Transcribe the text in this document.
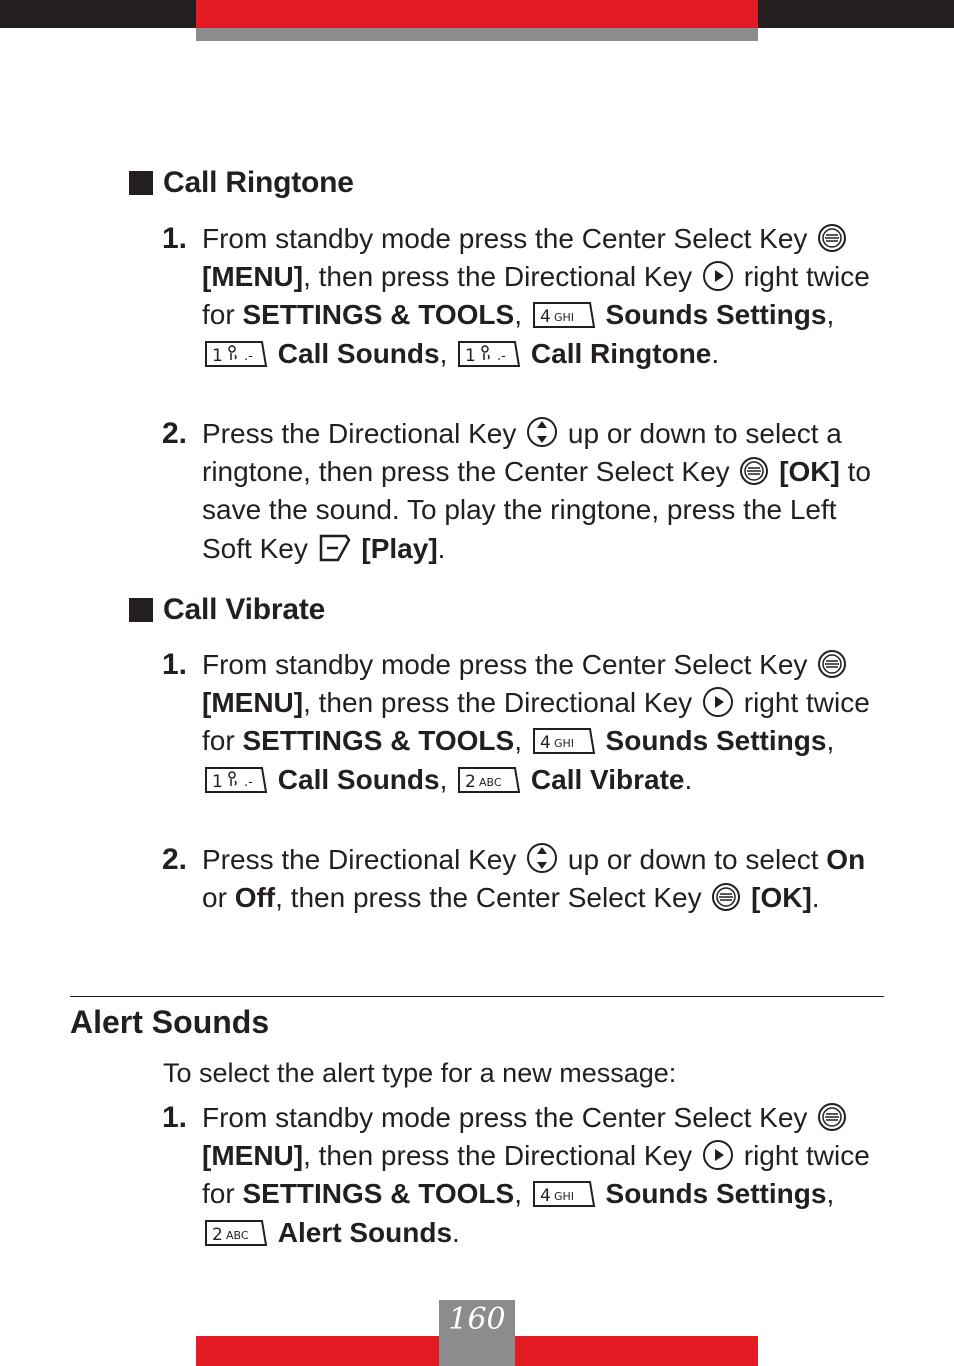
Call Ringtone
1. From standby mode press the Center Select Key
[MENU], then press the Directional Key
right twice for SETTINGS & TOOLS, 4 GHI Sounds Settings,
1 .- Call Sounds, 1 .- Call Ringtone.
2. Press the Directional Key
up or down to select a ringtone, then press the Center Select Key
[OK] to save the sound. To play the ringtone, press the Left Soft Key
[Play].
Call Vibrate
1. From standby mode press the Center Select Key
[MENU], then press the Directional Key
right twice for SETTINGS & TOOLS, 4 GHI Sounds Settings,
1 .- Call Sounds, 2 ABC Call Vibrate.
2. Press the Directional Key
up or down to select On or Off, then press the Center Select Key
[OK].
Alert Sounds
To select the alert type for a new message:
1. From standby mode press the Center Select Key
[MENU], then press the Directional Key
right twice for SETTINGS & TOOLS, 4 GHI Sounds Settings,
2 ABC Alert Sounds.
160
